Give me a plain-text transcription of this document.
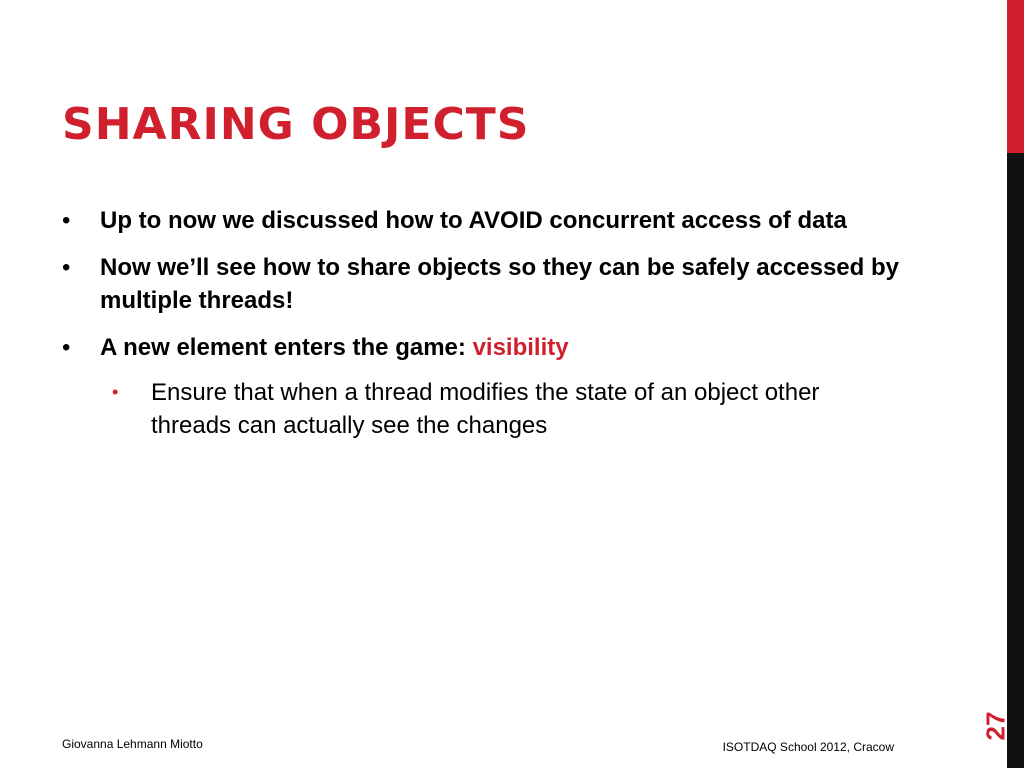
SHARING OBJECTS
•	Up to now we discussed how to AVOID concurrent access of data
•	Now we’ll see how to share objects so they can be safely accessed by multiple threads!
•	A new element enters the game: visibility
• Ensure that when a thread modifies the state of an object other threads can actually see the changes
Giovanna Lehmann Miotto	ISOTDAQ School 2012, Cracow
27
